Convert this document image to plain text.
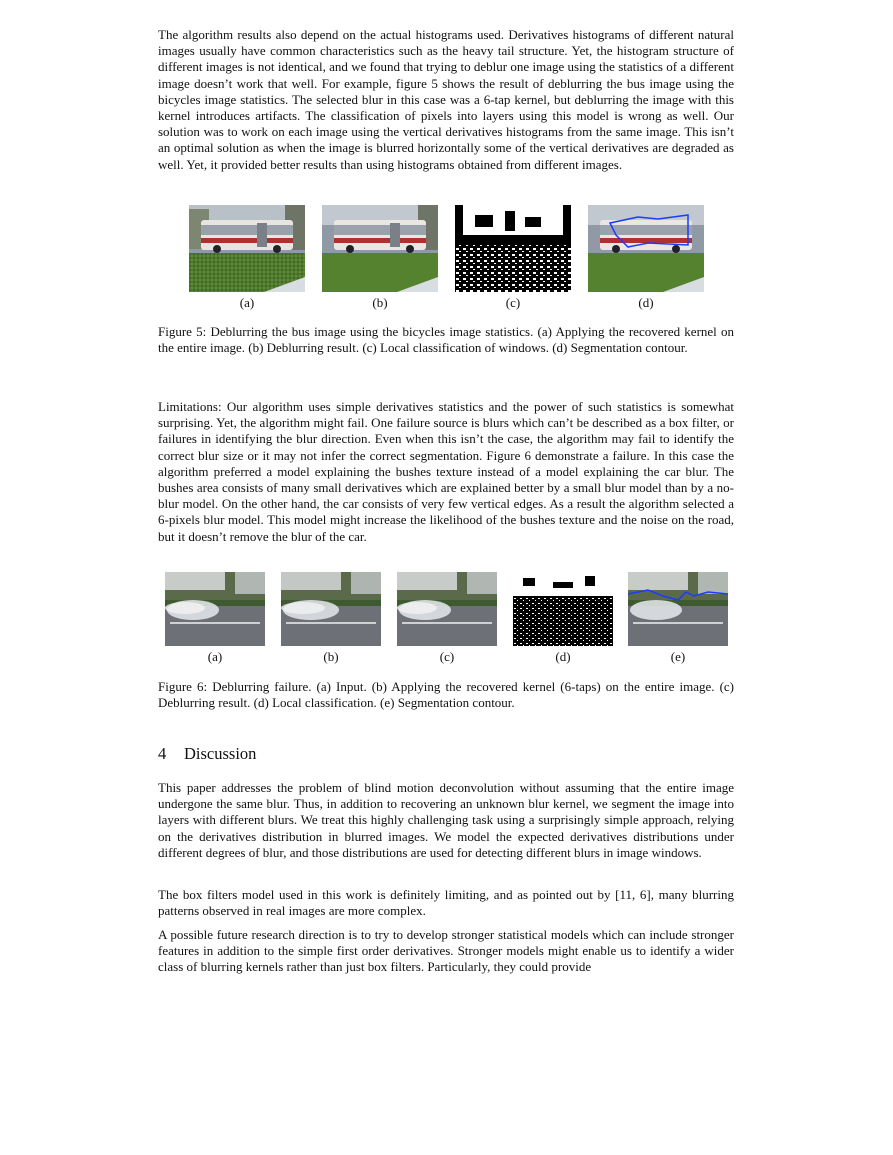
The algorithm results also depend on the actual histograms used. Derivatives histograms of different natural images usually have common characteristics such as the heavy tail structure. Yet, the histogram structure of different images is not identical, and we found that trying to deblur one image using the statistics of a different image doesn’t work that well. For example, figure 5 shows the result of deblurring the bus image using the bicycles image statistics. The selected blur in this case was a 6-tap kernel, but deblurring the image with this kernel introduces artifacts. The classification of pixels into layers using this model is wrong as well. Our solution was to work on each image using the vertical derivatives histograms from the same image. This isn’t an optimal solution as when the image is blurred horizontally some of the vertical derivatives are degraded as well. Yet, it provided better results than using histograms obtained from different images.

(a)	(b)	(c)	(d)

Figure 5: Deblurring the bus image using the bicycles image statistics. (a) Applying the recovered kernel on the entire image. (b) Deblurring result. (c) Local classification of windows. (d) Segmentation contour.

Limitations: Our algorithm uses simple derivatives statistics and the power of such statistics is somewhat surprising. Yet, the algorithm might fail. One failure source is blurs which can’t be described as a box filter, or failures in identifying the blur direction. Even when this isn’t the case, the algorithm may fail to identify the correct blur size or it may not infer the correct segmentation. Figure 6 demonstrate a failure. In this case the algorithm preferred a model explaining the bushes texture instead of a model explaining the car blur. The bushes area consists of many small derivatives which are explained better by a small blur model than by a no-blur model. On the other hand, the car consists of very few vertical edges. As a result the algorithm selected a 6-pixels blur model. This model might increase the likelihood of the bushes texture and the noise on the road, but it doesn’t remove the blur of the car.

(a)	(b)	(c)	(d)	(e)

Figure 6: Deblurring failure. (a) Input. (b) Applying the recovered kernel (6-taps) on the entire image. (c) Deblurring result. (d) Local classification. (e) Segmentation contour.

4 Discussion

This paper addresses the problem of blind motion deconvolution without assuming that the entire image undergone the same blur. Thus, in addition to recovering an unknown blur kernel, we segment the image into layers with different blurs. We treat this highly challenging task using a surprisingly simple approach, relying on the derivatives distribution in blurred images. We model the expected derivatives distributions under different degrees of blur, and those distributions are used for detecting different blurs in image windows.

The box filters model used in this work is definitely limiting, and as pointed out by [11, 6], many blurring patterns observed in real images are more complex.

A possible future research direction is to try to develop stronger statistical models which can include stronger features in addition to the simple first order derivatives. Stronger models might enable us to identify a wider class of blurring kernels rather than just box filters. Particularly, they could provide
